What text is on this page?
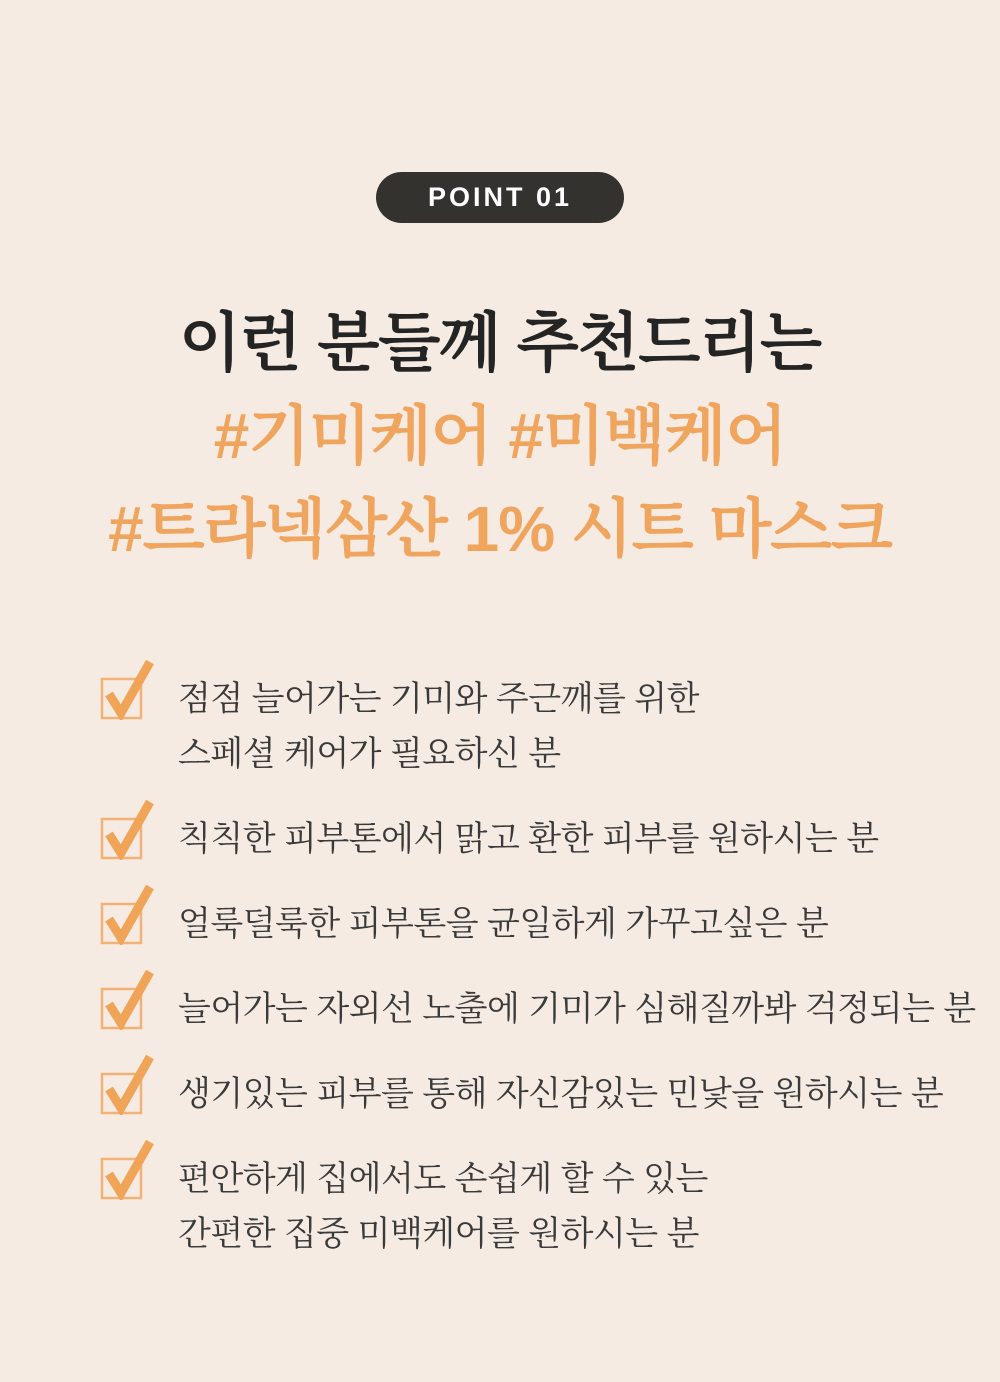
POINT 01
이런 분들께 추천드리는
#기미케어 #미백케어
#트라넥삼산 1% 시트 마스크
점점 늘어가는 기미와 주근깨를 위한
스페셜 케어가 필요하신 분
칙칙한 피부톤에서 맑고 환한 피부를 원하시는 분
얼룩덜룩한 피부톤을 균일하게 가꾸고싶은 분
늘어가는 자외선 노출에 기미가 심해질까봐 걱정되는 분
생기있는 피부를 통해 자신감있는 민낯을 원하시는 분
편안하게 집에서도 손쉽게 할 수 있는
간편한 집중 미백케어를 원하시는 분
